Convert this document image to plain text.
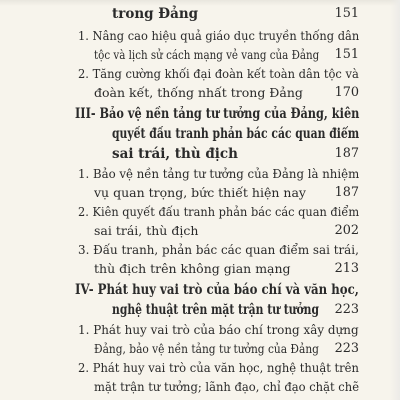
trong Đảng	151
1. Nâng cao hiệu quả giáo dục truyền thống dân
tộc và lịch sử cách mạng vẻ vang của Đảng 151
2. Tăng cường khối đại đoàn kết toàn dân tộc và
đoàn kết, thống nhất trong Đảng 170
III- Bảo vệ nền tảng tư tưởng của Đảng, kiên
quyết đấu tranh phản bác các quan điểm
sai trái, thù địch	187
1. Bảo vệ nền tảng tư tưởng của Đảng là nhiệm
vụ quan trọng, bức thiết hiện nay 187
2. Kiên quyết đấu tranh phản bác các quan điểm
sai trái, thù địch	202
3. Đấu tranh, phản bác các quan điểm sai trái,
thù địch trên không gian mạng	213
IV- Phát huy vai trò của báo chí và văn học,
nghệ thuật trên mặt trận tư tưởng 223
1. Phát huy vai trò của báo chí trong xây dựng
Đảng, bảo vệ nền tảng tư tưởng của Đảng 223
2. Phát huy vai trò của văn học, nghệ thuật trên
mặt trận tư tưởng; lãnh đạo, chỉ đạo chặt chẽ
